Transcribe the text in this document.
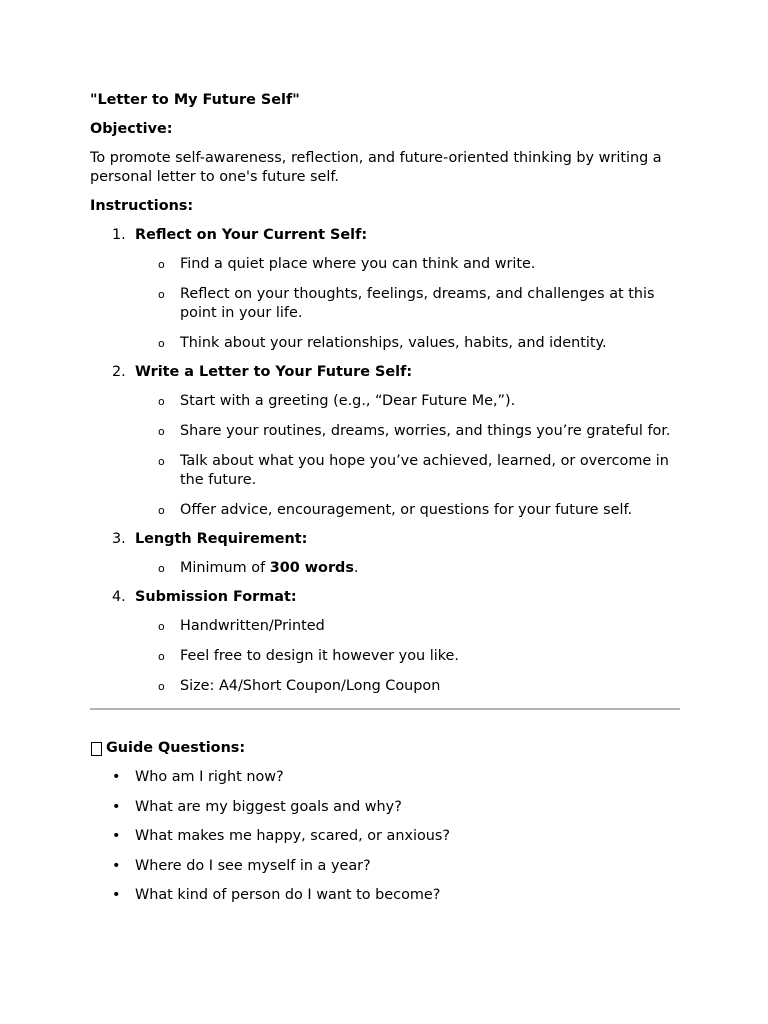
"Letter to My Future Self"

Objective:

To promote self-awareness, reflection, and future-oriented thinking by writing a personal letter to one's future self.

Instructions:

1. Reflect on Your Current Self:
o	Find a quiet place where you can think and write.
o	Reflect on your thoughts, feelings, dreams, and challenges at this point in your life.
o	Think about your relationships, values, habits, and identity.
2. Write a Letter to Your Future Self:
o	Start with a greeting (e.g., “Dear Future Me,”).
o	Share your routines, dreams, worries, and things you’re grateful for.
o	Talk about what you hope you’ve achieved, learned, or overcome in the future.
o	Offer advice, encouragement, or questions for your future self.
3. Length Requirement:
o	Minimum of 300 words.
4. Submission Format:
o	Handwritten/Printed
o	Feel free to design it however you like.
o	Size: A4/Short Coupon/Long Coupon

Guide Questions:

•	Who am I right now?
•	What are my biggest goals and why?
•	What makes me happy, scared, or anxious?
•	Where do I see myself in a year?
•	What kind of person do I want to become?
